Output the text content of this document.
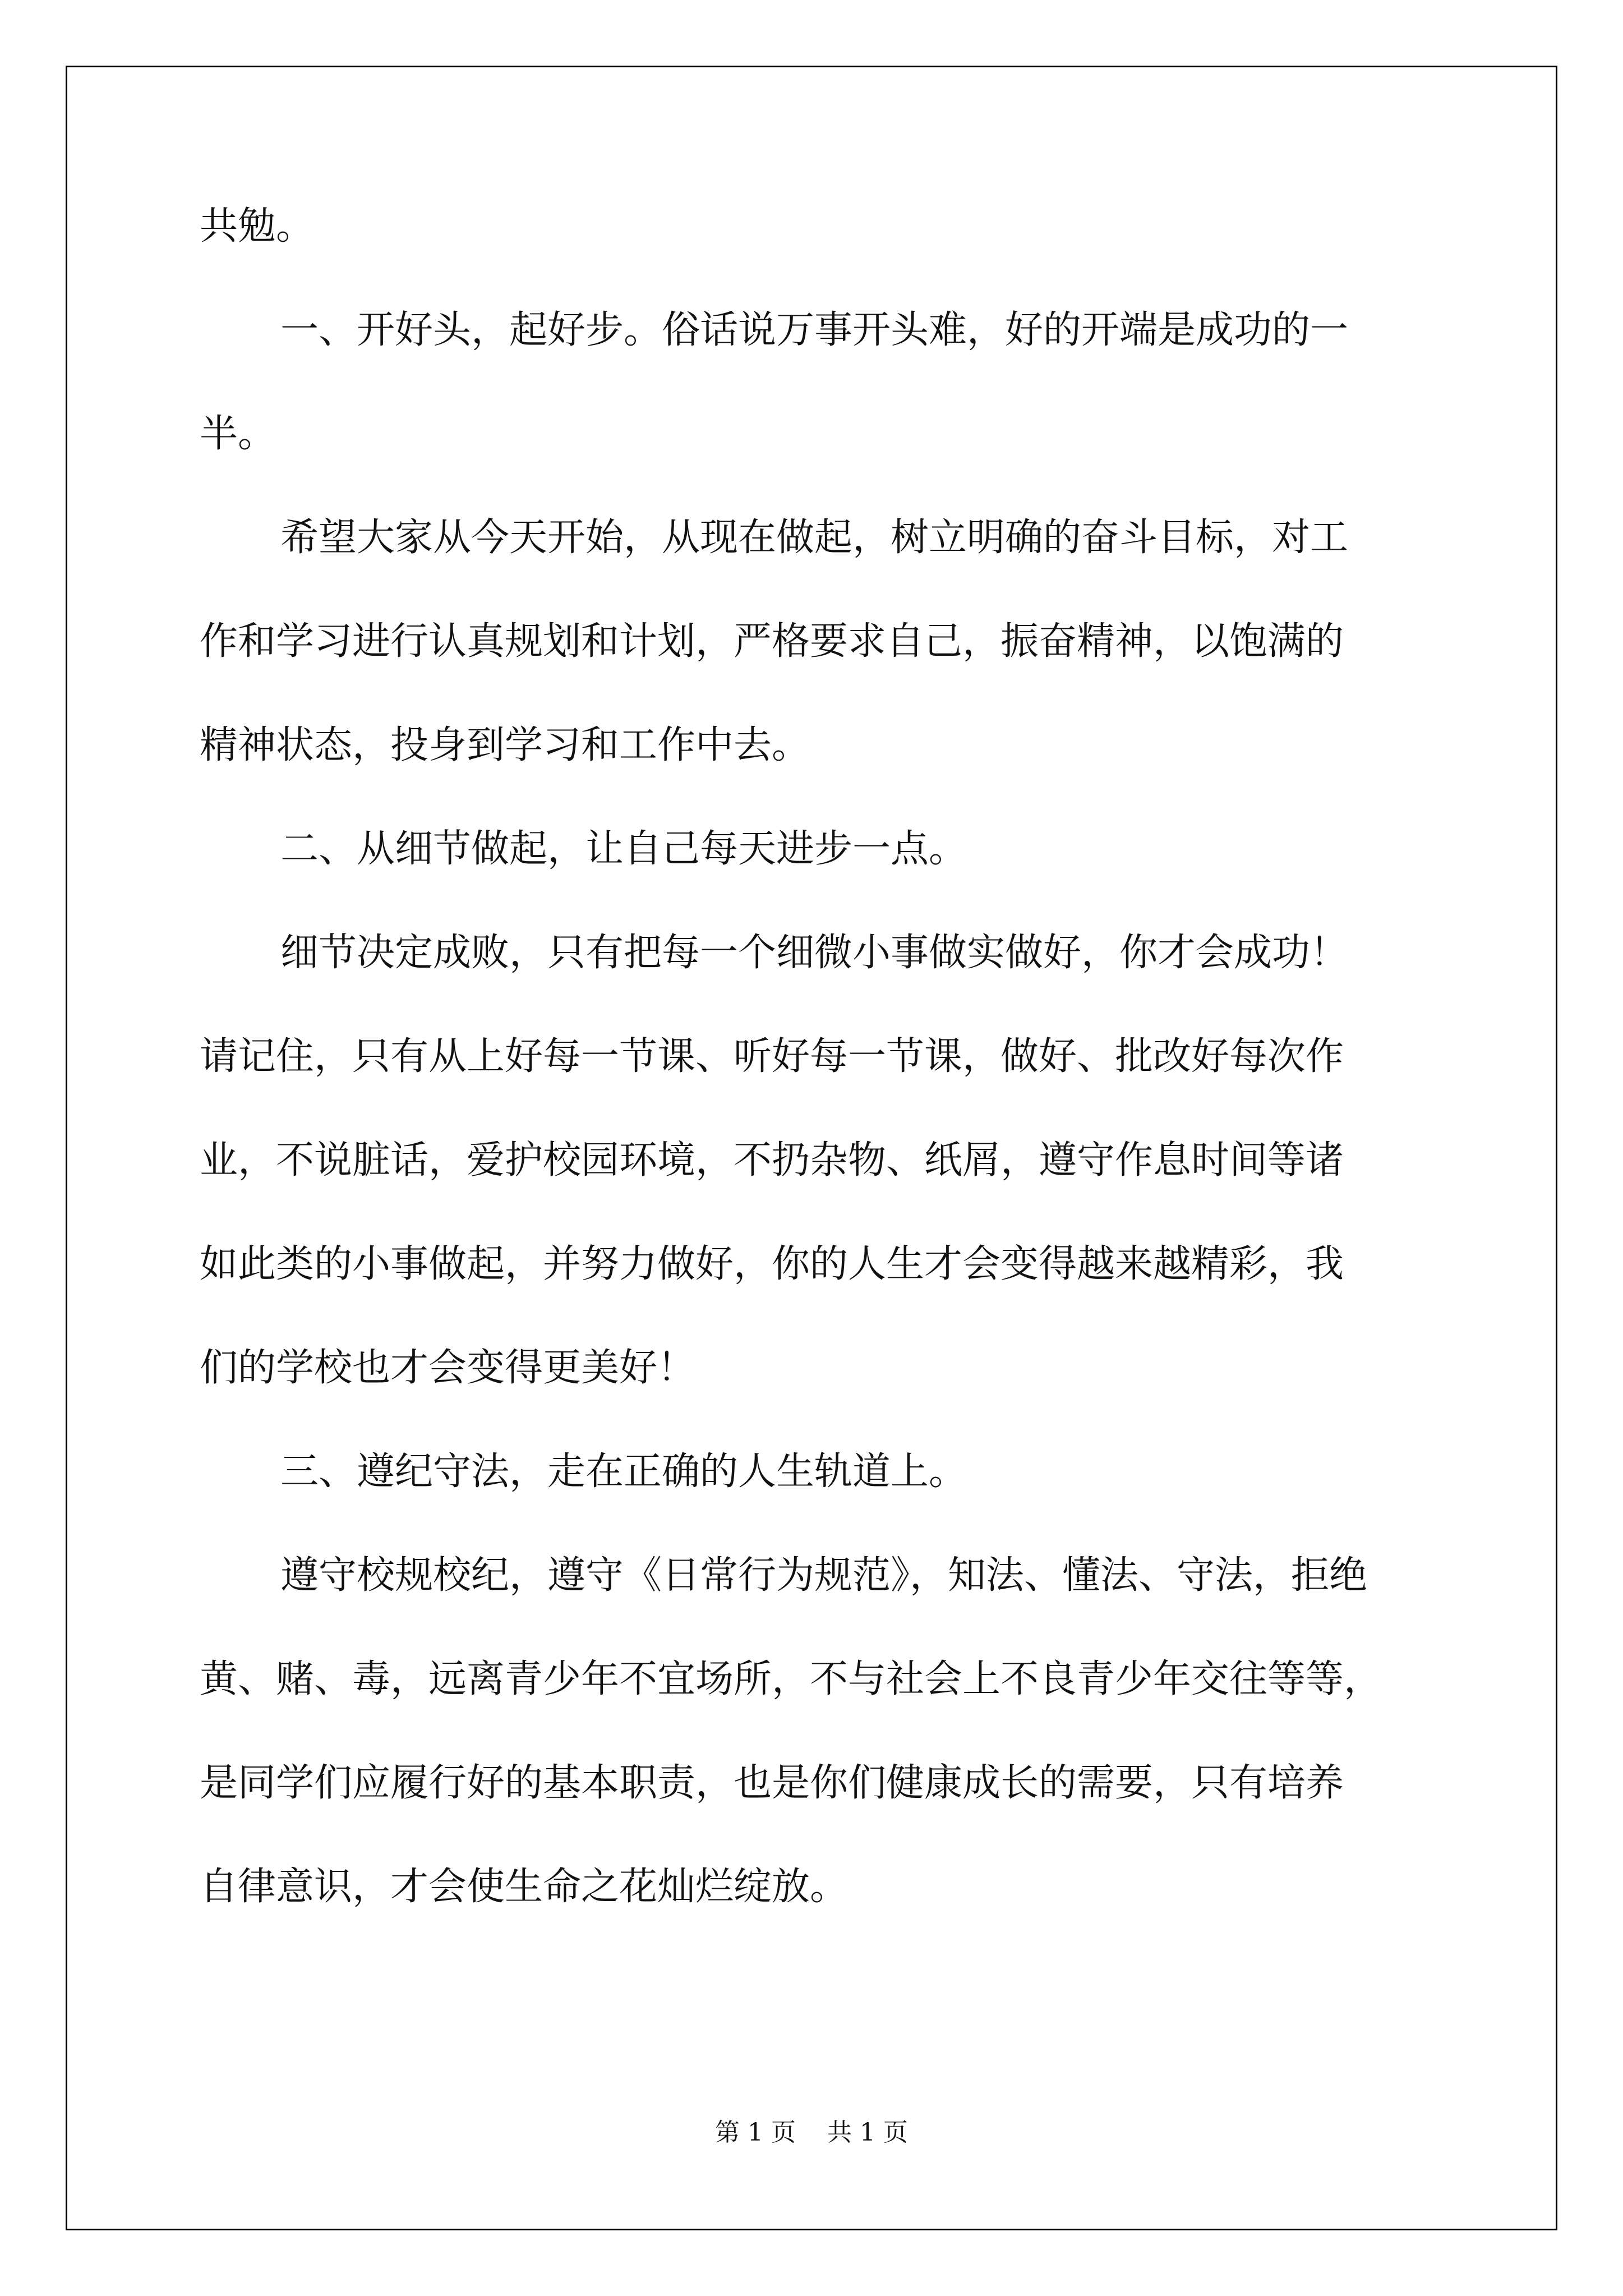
共勉。
一、开好头，起好步。俗话说万事开头难，好的开端是成功的一
半。
希望大家从今天开始，从现在做起，树立明确的奋斗目标，对工
作和学习进行认真规划和计划，严格要求自己，振奋精神，以饱满的
精神状态，投身到学习和工作中去。
二、从细节做起，让自己每天进步一点。
细节决定成败，只有把每一个细微小事做实做好，你才会成功！
请记住，只有从上好每一节课、听好每一节课，做好、批改好每次作
业，不说脏话，爱护校园环境，不扔杂物、纸屑，遵守作息时间等诸
如此类的小事做起，并努力做好，你的人生才会变得越来越精彩，我
们的学校也才会变得更美好！
三、遵纪守法，走在正确的人生轨道上。
遵守校规校纪，遵守《日常行为规范》，知法、懂法、守法，拒绝
黄、赌、毒，远离青少年不宜场所，不与社会上不良青少年交往等等，
是同学们应履行好的基本职责，也是你们健康成长的需要，只有培养
自律意识，才会使生命之花灿烂绽放。
第 1 页    共 1 页
